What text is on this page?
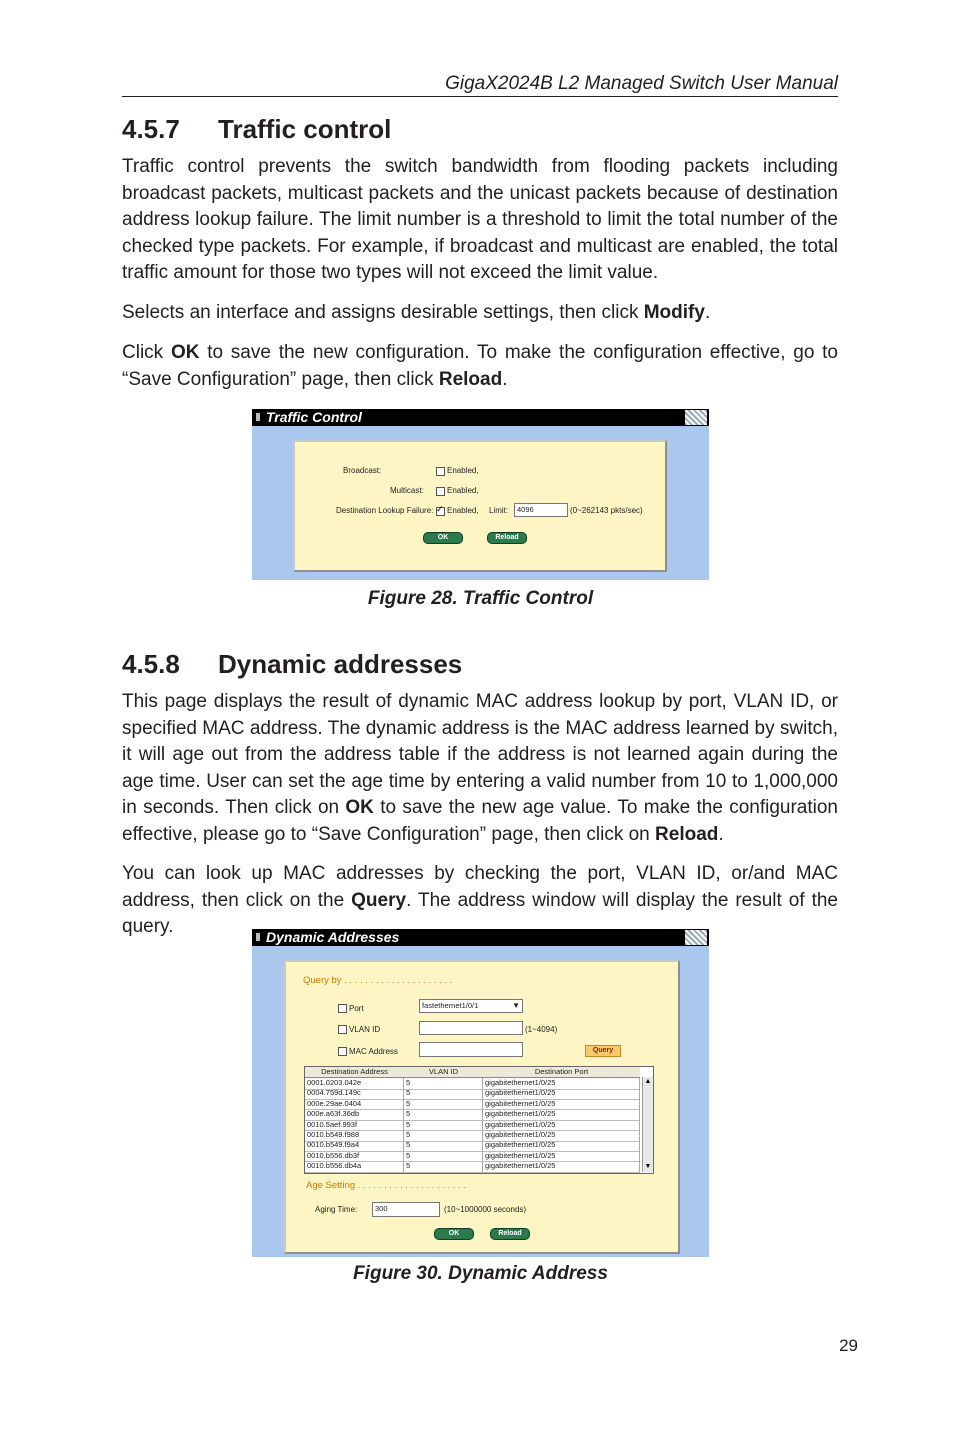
GigaX2024B L2 Managed Switch User Manual
4.5.7 Traffic control
Traffic control prevents the switch bandwidth from flooding packets including broadcast packets, multicast packets and the unicast packets because of destination address lookup failure. The limit number is a threshold to limit the total number of the checked type packets. For example, if broadcast and multicast are enabled, the total traffic amount for those two types will not exceed the limit value.
Selects an interface and assigns desirable settings, then click Modify.
Click OK to save the new configuration. To make the configuration effective, go to “Save Configuration” page, then click Reload.
Traffic Control
Broadcast:	Enabled,
Multicast:	Enabled,
Destination Lookup Failure:
✓ Enabled, Limit:	4096	(0~262143 pkts/sec)
OK	Reload
Figure 28. Traffic Control
4.5.8 Dynamic addresses
This page displays the result of dynamic MAC address lookup by port, VLAN ID, or specified MAC address. The dynamic address is the MAC address learned by switch, it will age out from the address table if the address is not learned again during the age time. User can set the age time by entering a valid number from 10 to 1,000,000 in seconds. Then click on OK to save the new age value. To make the configuration effective, please go to “Save Configuration” page, then click on Reload.
You can look up MAC addresses by checking the port, VLAN ID, or/and MAC address, then click on the Query. The address window will display the result of the query.	Dynamic Addresses
Query by . . . . . . . . . . . . . . . . . . . . .
Port	fastethernet1/0/1	▼
VLAN ID	(1~4094)
MAC Address	Query
Destination Address	VLAN ID	Destination Port
0001.0203.042e	5	gigabitethernet1/0/25
0004.759d.149c	5	gigabitethernet1/0/25
000e.29ae.0404	5	gigabitethernet1/0/25
000e.a63f.36db	5	gigabitethernet1/0/25
0010.5aef.993f	5	gigabitethernet1/0/25
0010.b549.f988	5	gigabitethernet1/0/25
0010.b549.f9a4	5	gigabitethernet1/0/25
0010.b556.db3f	5	gigabitethernet1/0/25
0010.b556.db4a	5	gigabitethernet1/0/25
▲
▼
Age Setting . . . . . . . . . . . . . . . . . . . . .
Aging Time:	300	(10~1000000 seconds)
OK	Reload
Figure 30. Dynamic Address
29
